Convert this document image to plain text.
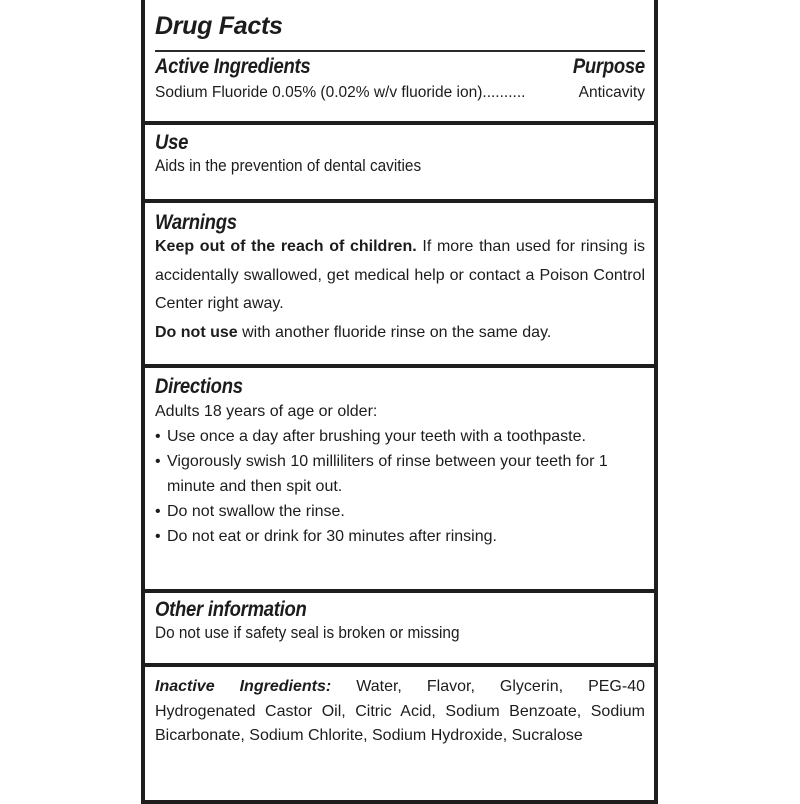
Drug Facts
Active Ingredients	Purpose
Sodium Fluoride 0.05% (0.02% w/v fluoride ion)..........	Anticavity
Use
Aids in the prevention of dental cavities
Warnings
Keep out of the reach of children. If more than used for rinsing is accidentally swallowed, get medical help or contact a Poison Control Center right away.
Do not use with another fluoride rinse on the same day.
Directions
Adults 18 years of age or older:
• Use once a day after brushing your teeth with a toothpaste.
• Vigorously swish 10 milliliters of rinse between your teeth for 1 minute and then spit out.
• Do not swallow the rinse.
• Do not eat or drink for 30 minutes after rinsing.
Other information
Do not use if safety seal is broken or missing
Inactive Ingredients: Water, Flavor, Glycerin, PEG-40 Hydrogenated Castor Oil, Citric Acid, Sodium Benzoate, Sodium Bicarbonate, Sodium Chlorite, Sodium Hydroxide, Sucralose
